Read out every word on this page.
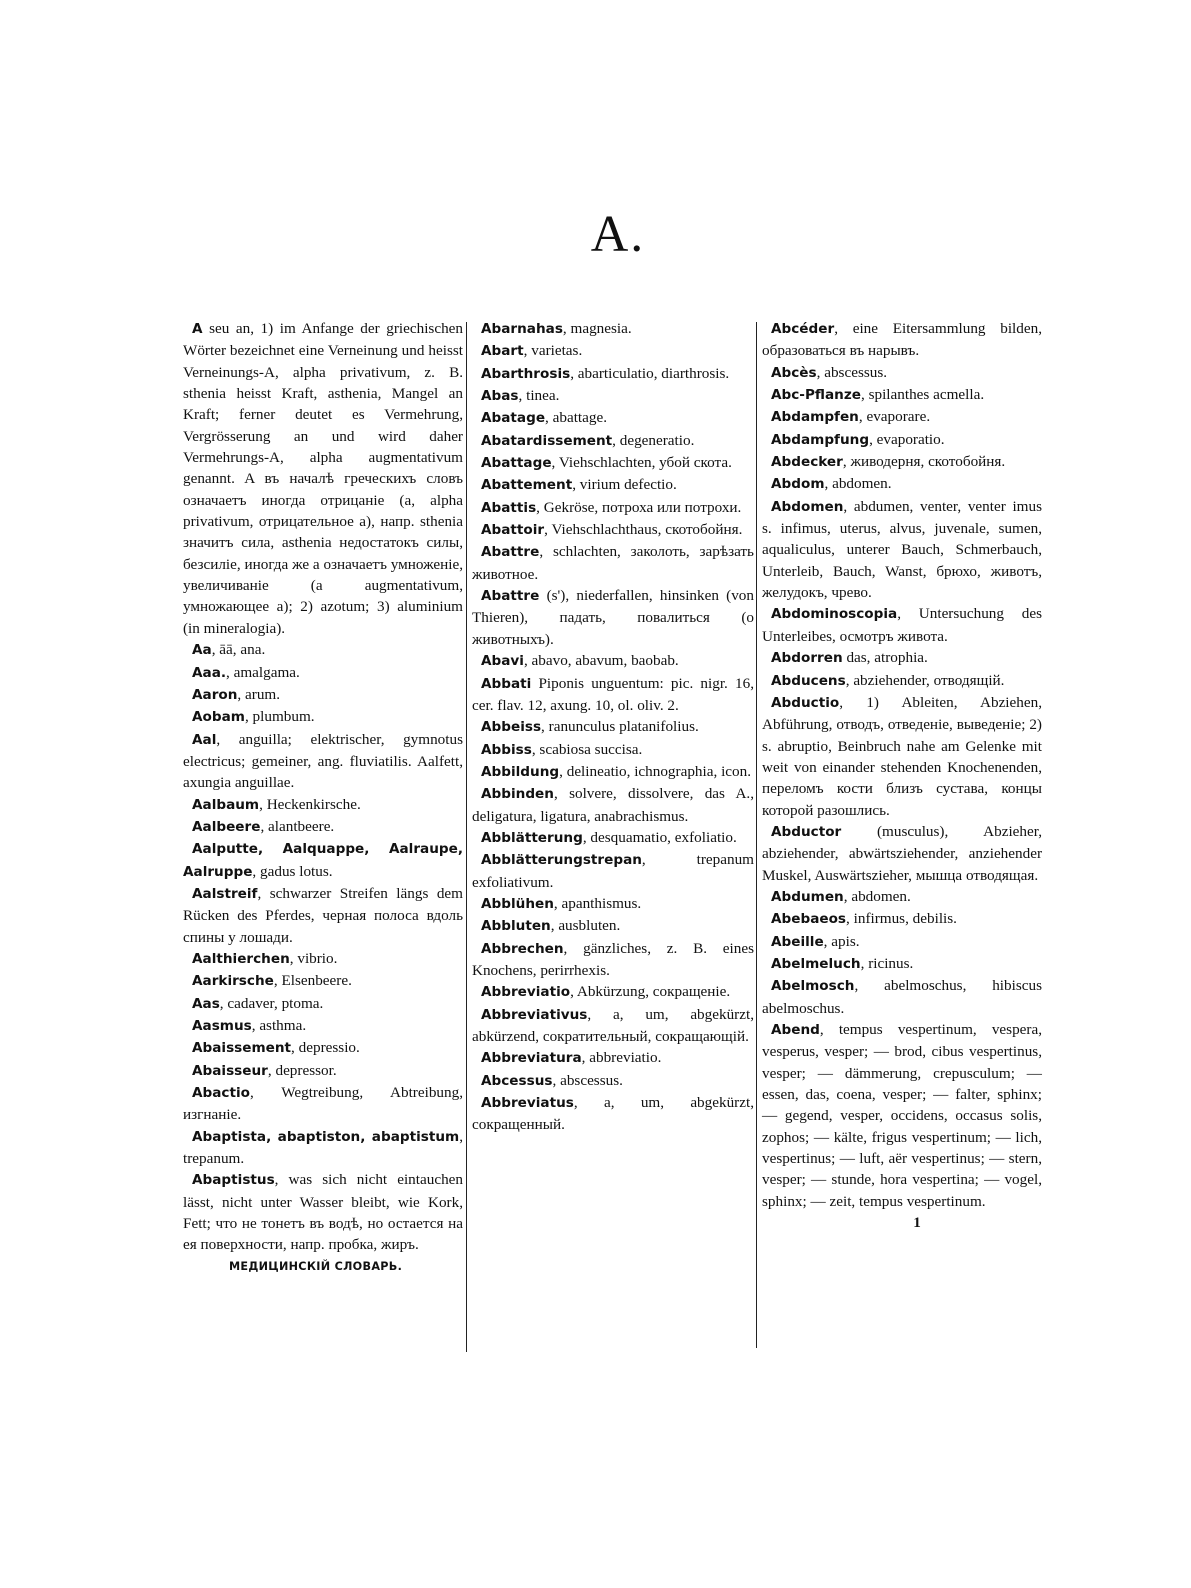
A.

A seu an, 1) im Anfange der griechischen Wörter bezeichnet eine Verneinung und heisst Verneinungs-A, alpha privativum, z. B. sthenia heisst Kraft, asthenia, Mangel an Kraft; ferner deutet es Vermehrung, Vergrösserung an und wird daher Vermehrungs-A, alpha augmentativum genannt. A въ началѣ греческихъ словъ означаетъ иногда отрицаніе (a, alpha privativum, отрицательное а), напр. sthenia значитъ сила, asthenia недостатокъ силы, безсиліе, иногда же а означаетъ умноженіе, увеличиваніе (a augmentativum, умножающее а); 2) azotum; 3) aluminium (in mineralogia).

Aa, āā, ana.

Aaa., amalgama.

Aaron, arum.

Aobam, plumbum.

Aal, anguilla; elektrischer, gymnotus electricus; gemeiner, ang. fluviatilis. Aalfett, axungia anguillae.

Aalbaum, Heckenkirsche.

Aalbeere, alantbeere.

Aalputte, Aalquappe, Aalraupe, Aalruppe, gadus lotus.

Aalstreif, schwarzer Streifen längs dem Rücken des Pferdes, черная полоса вдоль спины у лошади.

Aalthierchen, vibrio.

Aarkirsche, Elsenbeere.

Aas, cadaver, ptoma.

Aasmus, asthma.

Abaissement, depressio.

Abaisseur, depressor.

Abactio, Wegtreibung, Abtreibung, изгнаніе.

Abaptista, abaptiston, abaptistum, trepanum.

Abaptistus, was sich nicht eintauchen lässt, nicht unter Wasser bleibt, wie Kork, Fett; что не тонетъ въ водѣ, но остается на ея поверхности, напр. пробка, жиръ.

МЕДИЦИНСКІЙ СЛОВАРЬ.

Abarnahas, magnesia.

Abart, varietas.

Abarthrosis, abarticulatio, diarthrosis.

Abas, tinea.

Abatage, abattage.

Abatardissement, degeneratio.

Abattage, Viehschlachten, убой скота.

Abattement, virium defectio.

Abattis, Gekröse, потроха или потрохи.

Abattoir, Viehschlachthaus, скотобойня.

Abattre, schlachten, заколоть, зарѣзать животное.

Abattre (s'), niederfallen, hinsinken (von Thieren), падать, повалиться (о животныхъ).

Abavi, abavo, abavum, baobab.

Abbati Piponis unguentum: pic. nigr. 16, cer. flav. 12, axung. 10, ol. oliv. 2.

Abbeiss, ranunculus platanifolius.

Abbiss, scabiosa succisa.

Abbildung, delineatio, ichnographia, icon.

Abbinden, solvere, dissolvere, das A., deligatura, ligatura, anabrachismus.

Abblätterung, desquamatio, exfoliatio.

Abblätterungstrepan, trepanum exfoliativum.

Abblühen, apanthismus.

Abbluten, ausbluten.

Abbrechen, gänzliches, z. B. eines Knochens, perirrhexis.

Abbreviatio, Abkürzung, сокращеніе.

Abbreviativus, a, um, abgekürzt, abkürzend, сократительный, сокращающій.

Abbreviatura, abbreviatio.

Abcessus, abscessus.

Abbreviatus, a, um, abgekürzt, сокращенный.

Abcéder, eine Eitersammlung bilden, образоваться въ нарывъ.

Abcès, abscessus.

Abc-Pflanze, spilanthes acmella.

Abdampfen, evaporare.

Abdampfung, evaporatio.

Abdecker, живодерня, скотобойня.

Abdom, abdomen.

Abdomen, abdumen, venter, venter imus s. infimus, uterus, alvus, juvenale, sumen, aqualiculus, unterer Bauch, Schmerbauch, Unterleib, Bauch, Wanst, брюхо, животъ, желудокъ, чрево.

Abdominoscopia, Untersuchung des Unterleibes, осмотръ живота.

Abdorren das, atrophia.

Abducens, abziehender, отводящій.

Abductio, 1) Ableiten, Abziehen, Abführung, отводъ, отведеніе, выведеніе; 2) s. abruptio, Beinbruch nahe am Gelenke mit weit von einander stehenden Knochenenden, переломъ кости близъ сустава, концы которой разошлись.

Abductor (musculus), Abzieher, abziehender, abwärtsziehender, anziehender Muskel, Auswärtszieher, мышца отводящая.

Abdumen, abdomen.

Abebaeos, infirmus, debilis.

Abeille, apis.

Abelmeluch, ricinus.

Abelmosch, abelmoschus, hibiscus abelmoschus.

Abend, tempus vespertinum, vespera, vesperus, vesper; — brod, cibus vespertinus, vesper; — dämmerung, crepusculum; — essen, das, coena, vesper; — falter, sphinx; — gegend, vesper, occidens, occasus solis, zophos; — kälte, frigus vespertinum; — lich, vespertinus; — luft, aër vespertinus; — stern, vesper; — stunde, hora vespertina; — vogel, sphinx; — zeit, tempus vespertinum.

1
